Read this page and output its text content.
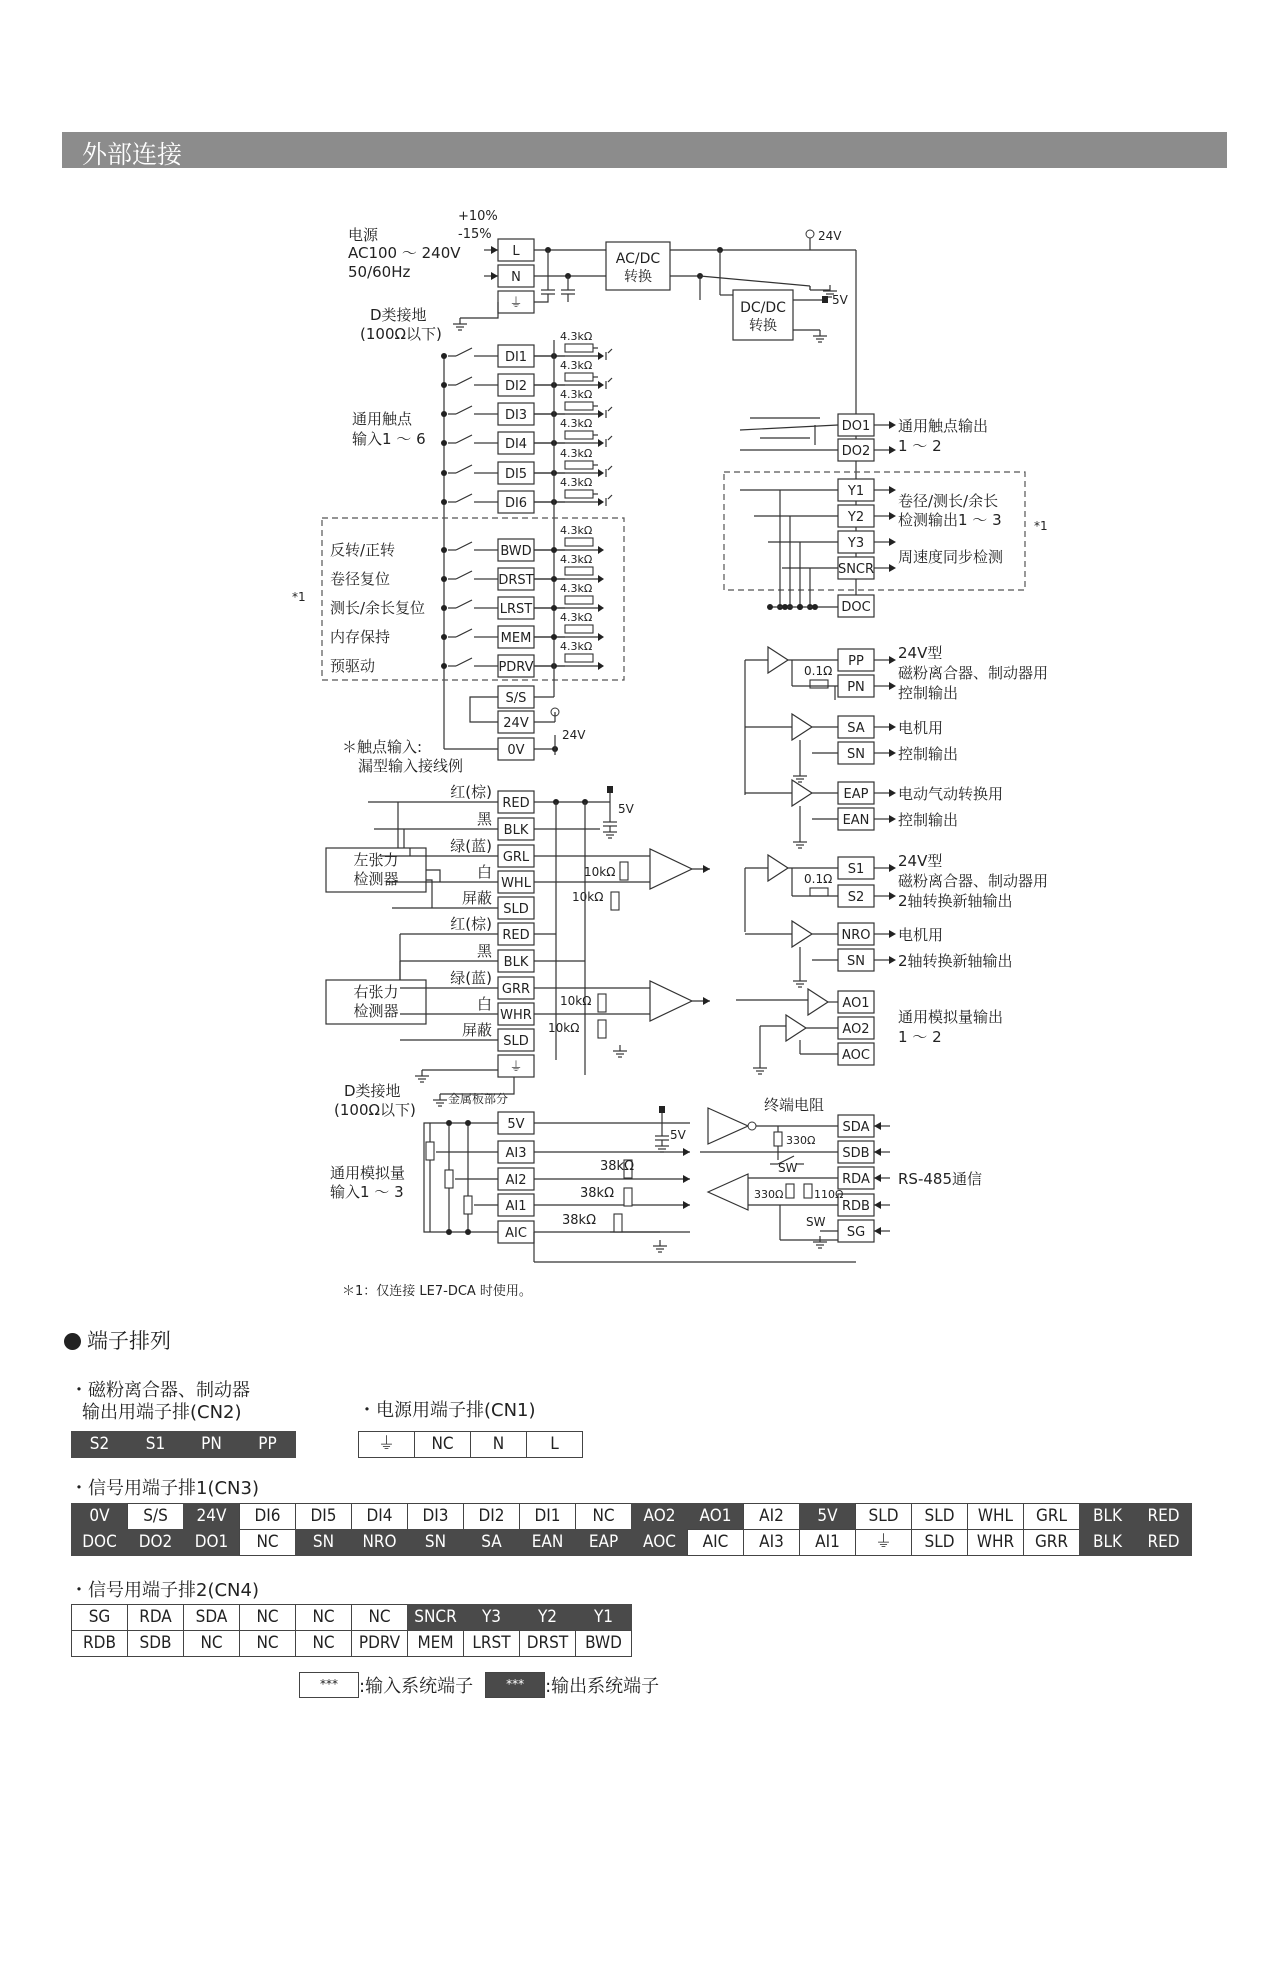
外部连接
+10%
-15%
电源
AC100 ～ 240V
50/60Hz
L
N
⏚
AC/DC
转换
24V
DC/DC
转换
5V
D类接地
(100Ω以下)
DI1
4.3kΩ
DI2
4.3kΩ
DI3
4.3kΩ
DI4
4.3kΩ
DI5
4.3kΩ
DI6
4.3kΩ
通用触点
输入1 ～ 6
*1
BWD
反转/正转
4.3kΩ
DRST
卷径复位
4.3kΩ
LRST
测长/余长复位
4.3kΩ
MEM
内存保持
4.3kΩ
PDRV
预驱动
4.3kΩ
S/S
24V
0V
24V
＊触点输入:
漏型输入接线例
左张力
检测器
RED
红(棕)
BLK
黑
GRL
绿(蓝)
WHL
白
SLD
屏蔽
5V
10kΩ
10kΩ
右张力
检测器
RED
红(棕)
BLK
黑
GRR
绿(蓝)
WHR
白
SLD
屏蔽
10kΩ
10kΩ
⏚
D类接地
(100Ω以下)
金属板部分
5V
AI3
AI2
AI1
AIC
通用模拟量
输入1 ～ 3
5V
38kΩ
38kΩ
38kΩ
＊1：仅连接 LE7-DCA 时使用。
DO1
DO2
通用触点输出
1 ～ 2
*1
Y1
Y2
Y3
SNCR
卷径/测长/余长
检测输出1 ～ 3
周速度同步检测
DOC
PP
PN
24V型
磁粉离合器、制动器用
控制输出
0.1Ω
SA
SN
电机用
控制输出
EAP
EAN
电动气动转换用
控制输出
S1
S2
24V型
磁粉离合器、制动器用
2轴转换新轴输出
0.1Ω
NRO
SN
电机用
2轴转换新轴输出
AO1
AO2
AOC
通用模拟量输出
1 ～ 2
终端电阻
SDA
SDB
RDA
RDB
SG
RS-485通信
330Ω
SW
330Ω	110Ω
SW
端子排列
・磁粉离合器、制动器
输出用端子排(CN2)
S2	S1	PN	PP
・电源用端子排(CN1)
⏚	NC	N	L
・信号用端子排1(CN3)
0V	S/S	24V	DI6	DI5	DI4	DI3	DI2	DI1	NC	AO2	AO1	AI2	5V	SLD	SLD	WHL	GRL	BLK	RED
DOC	DO2	DO1	NC	SN	NRO	SN	SA	EAN	EAP	AOC	AIC	AI3	AI1	⏚	SLD	WHR	GRR	BLK	RED
・信号用端子排2(CN4)
SG	RDA	SDA	NC	NC	NC	SNCR	Y3	Y2	Y1
RDB	SDB	NC	NC	NC	PDRV	MEM	LRST DRST BWD
***	:输入系统端子	***	:输出系统端子
